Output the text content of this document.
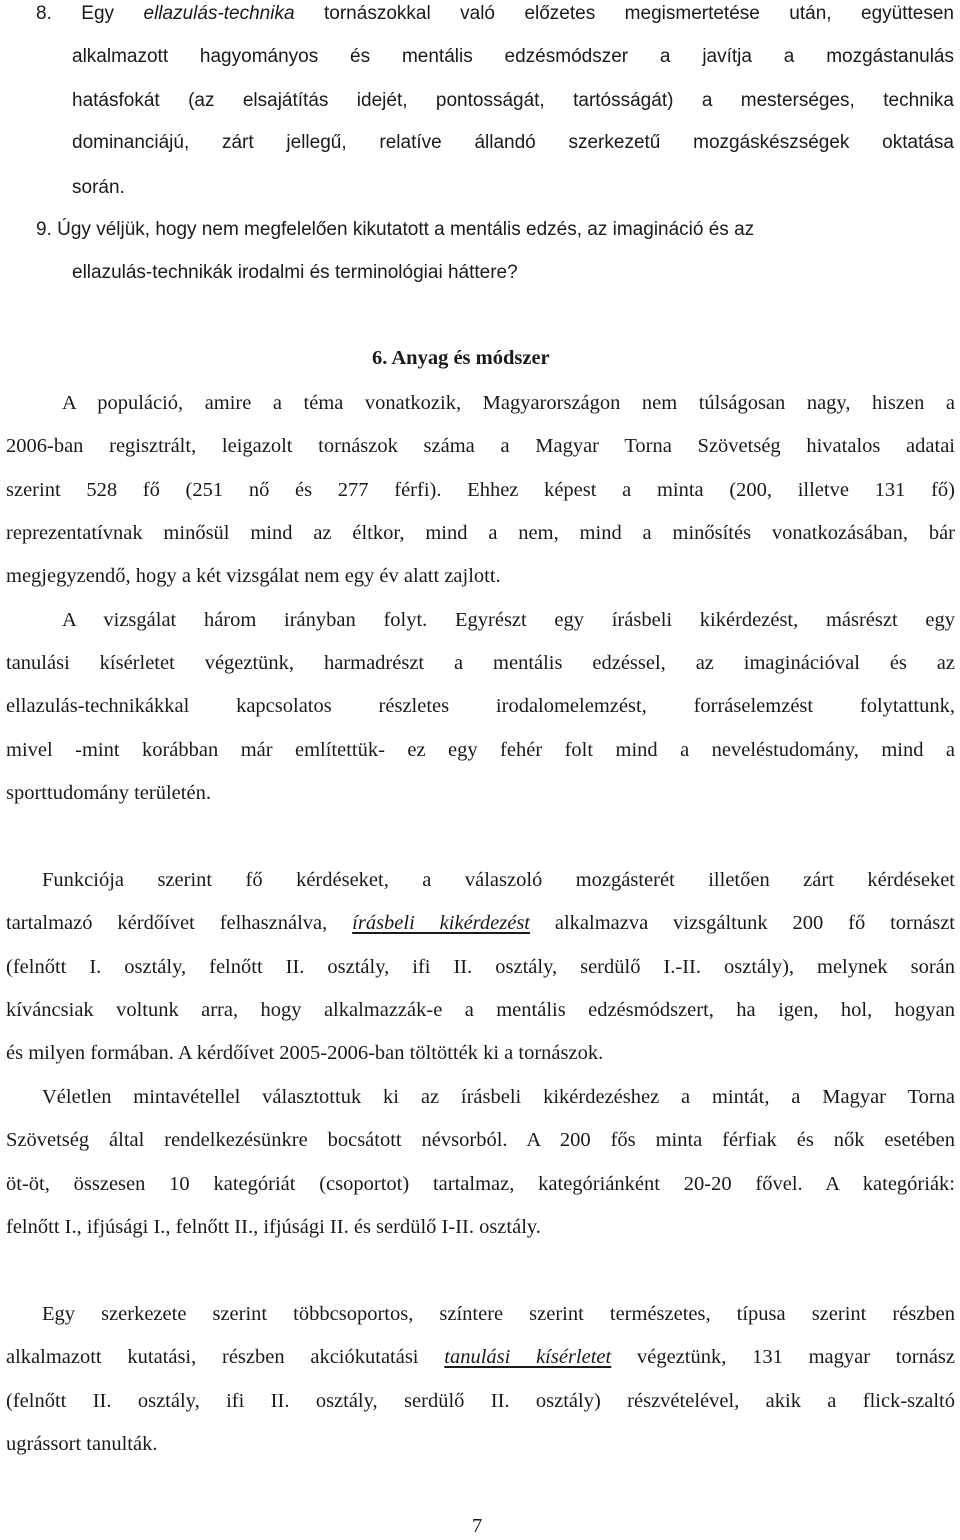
8. Egy ellazulás-technika tornászokkal való előzetes megismertetése után, együttesen
alkalmazott hagyományos és mentális edzésmódszer a javítja a mozgástanulás
hatásfokát (az elsajátítás idejét, pontosságát, tartósságát) a mesterséges, technika
dominanciájú, zárt jellegű, relatíve állandó szerkezetű mozgáskészségek oktatása
során.
9. Úgy véljük, hogy nem megfelelően kikutatott a mentális edzés, az imagináció és az
ellazulás-technikák irodalmi és terminológiai háttere?
6. Anyag és módszer
A populáció, amire a téma vonatkozik, Magyarországon nem túlságosan nagy, hiszen a
2006-ban regisztrált, leigazolt tornászok száma a Magyar Torna Szövetség hivatalos adatai
szerint 528 fő (251 nő és 277 férfi). Ehhez képest a minta (200, illetve 131 fő)
reprezentatívnak minősül mind az éltkor, mind a nem, mind a minősítés vonatkozásában, bár
megjegyzendő, hogy a két vizsgálat nem egy év alatt zajlott.
A vizsgálat három irányban folyt. Egyrészt egy írásbeli kikérdezést, másrészt egy
tanulási kísérletet végeztünk, harmadrészt a mentális edzéssel, az imaginációval és az
ellazulás-technikákkal kapcsolatos részletes irodalomelemzést, forráselemzést folytattunk,
mivel -mint korábban már említettük- ez egy fehér folt mind a neveléstudomány, mind a
sporttudomány területén.
Funkciója szerint fő kérdéseket, a válaszoló mozgásterét illetően zárt kérdéseket
tartalmazó kérdőívet felhasználva, írásbeli kikérdezést alkalmazva vizsgáltunk 200 fő tornászt
(felnőtt I. osztály, felnőtt II. osztály, ifi II. osztály, serdülő I.-II. osztály), melynek során
kíváncsiak voltunk arra, hogy alkalmazzák-e a mentális edzésmódszert, ha igen, hol, hogyan
és milyen formában. A kérdőívet 2005-2006-ban töltötték ki a tornászok.
Véletlen mintavétellel választottuk ki az írásbeli kikérdezéshez a mintát, a Magyar Torna
Szövetség által rendelkezésünkre bocsátott névsorból. A 200 fős minta férfiak és nők esetében
öt-öt, összesen 10 kategóriát (csoportot) tartalmaz, kategóriánként 20-20 fővel. A kategóriák:
felnőtt I., ifjúsági I., felnőtt II., ifjúsági II. és serdülő I-II. osztály.
Egy szerkezete szerint többcsoportos, színtere szerint természetes, típusa szerint részben
alkalmazott kutatási, részben akciókutatási tanulási kísérletet végeztünk, 131 magyar tornász
(felnőtt II. osztály, ifi II. osztály, serdülő II. osztály) részvételével, akik a flick-szaltó
ugrássort tanulták.
7
